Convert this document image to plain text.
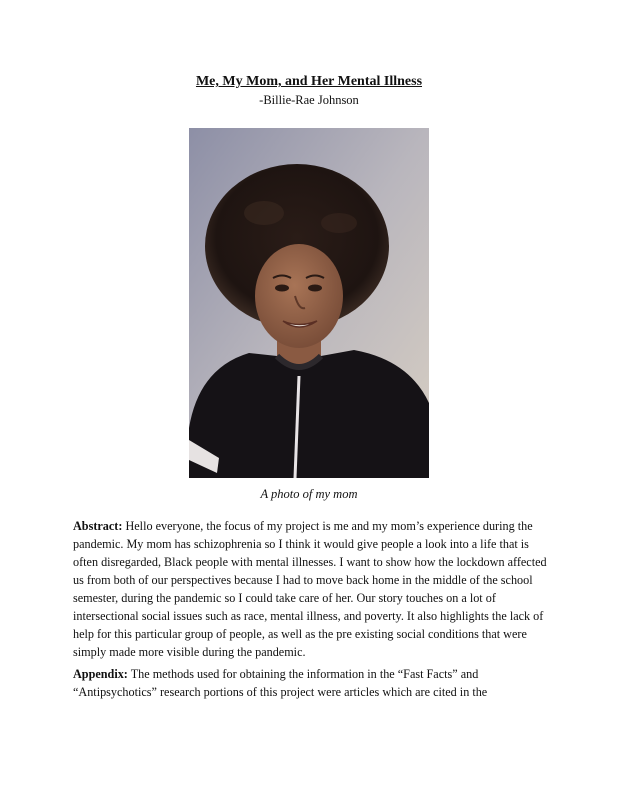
Me, My Mom, and Her Mental Illness
-Billie-Rae Johnson
A photo of my mom

Abstract: Hello everyone, the focus of my project is me and my mom’s experience during the pandemic. My mom has schizophrenia so I think it would give people a look into a life that is often disregarded, Black people with mental illnesses. I want to show how the lockdown affected us from both of our perspectives because I had to move back home in the middle of the school semester, during the pandemic so I could take care of her. Our story touches on a lot of intersectional social issues such as race, mental illness, and poverty. It also highlights the lack of help for this particular group of people, as well as the pre existing social conditions that were simply made more visible during the pandemic.

Appendix: The methods used for obtaining the information in the “Fast Facts” and “Antipsychotics” research portions of this project were articles which are cited in the
